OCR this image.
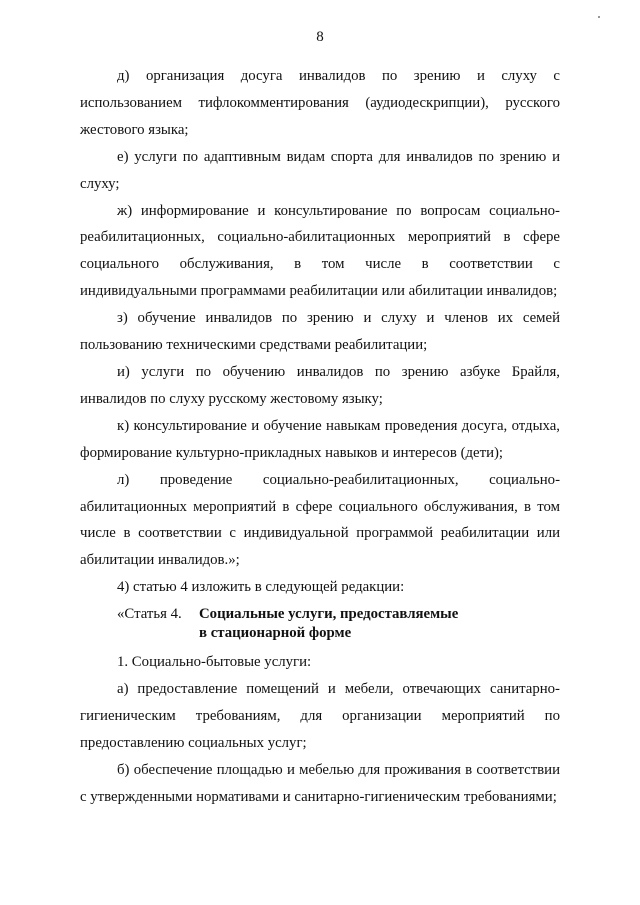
8

д) организация досуга инвалидов по зрению и слуху с использованием тифлокомментирования (аудиодескрипции), русского жестового языка;

е) услуги по адаптивным видам спорта для инвалидов по зрению и слуху;

ж) информирование и консультирование по вопросам социально-реабилитационных, социально-абилитационных мероприятий в сфере социального обслуживания, в том числе в соответствии с индивидуальными программами реабилитации или абилитации инвалидов;

з) обучение инвалидов по зрению и слуху и членов их семей пользованию техническими средствами реабилитации;

и) услуги по обучению инвалидов по зрению азбуке Брайля, инвалидов по слуху русскому жестовому языку;

к) консультирование и обучение навыкам проведения досуга, отдыха, формирование культурно-прикладных навыков и интересов (дети);

л) проведение социально-реабилитационных, социально-абилитационных мероприятий в сфере социального обслуживания, в том числе в соответствии с индивидуальной программой реабилитации или абилитации инвалидов.»;

4) статью 4 изложить в следующей редакции:

«Статья 4.	Социальные услуги, предоставляемые
в стационарной форме

1. Социально-бытовые услуги:

а) предоставление помещений и мебели, отвечающих санитарно-гигиеническим требованиям, для организации мероприятий по предоставлению социальных услуг;

б) обеспечение площадью и мебелью для проживания в соответствии с утвержденными нормативами и санитарно-гигиеническим требованиями;
